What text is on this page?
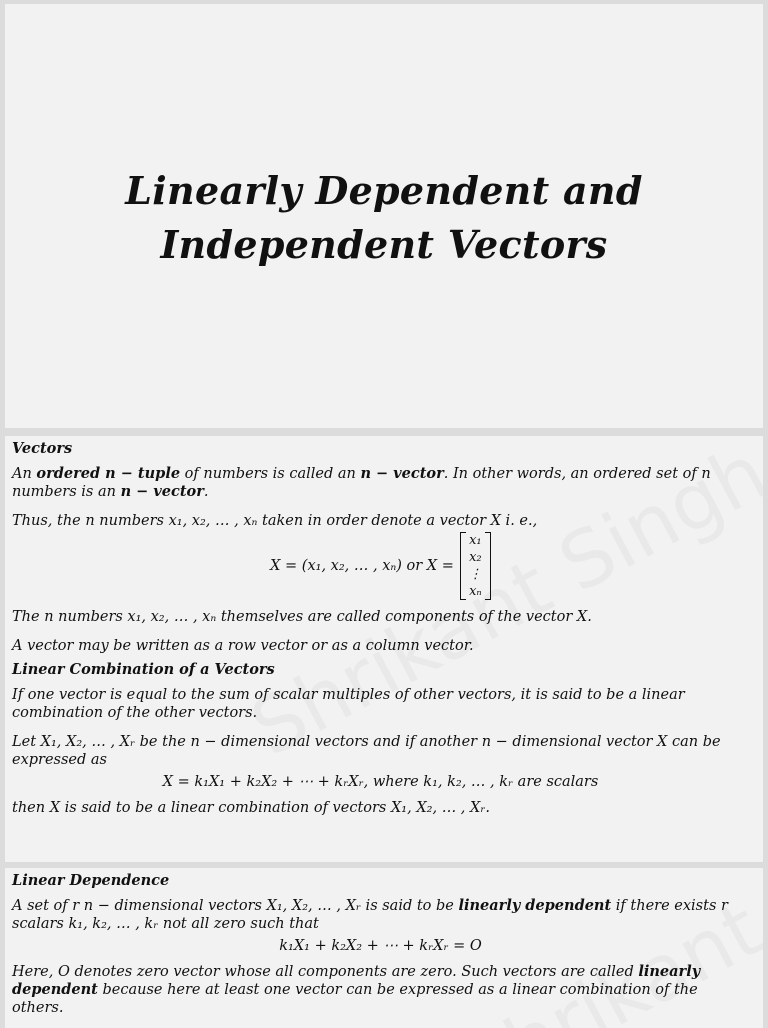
Linearly Dependent and
Independent Vectors
Vectors

An ordered n − tuple of numbers is called an n − vector. In other words, an ordered set of n numbers is an n − vector.

Thus, the n numbers x₁, x₂, … , xₙ taken in order denote a vector X i. e.,

X = (x₁, x₂, … , xₙ) or X =
x₁
x₂
⋮
xₙ

The n numbers x₁, x₂, … , xₙ themselves are called components of the vector X.

A vector may be written as a row vector or as a column vector.

Linear Combination of a Vectors

If one vector is equal to the sum of scalar multiples of other vectors, it is said to be a linear combination of the other vectors.

Let X₁, X₂, … , Xᵣ be the n − dimensional vectors and if another n − dimensional vector X can be expressed as

X = k₁X₁ + k₂X₂ + ⋯ + kᵣXᵣ, where k₁, k₂, … , kᵣ are scalars

then X is said to be a linear combination of vectors X₁, X₂, … , Xᵣ.

Linear Dependence

A set of r n − dimensional vectors X₁, X₂, … , Xᵣ is said to be linearly dependent if there exists r scalars k₁, k₂, … , kᵣ not all zero such that

k₁X₁ + k₂X₂ + ⋯ + kᵣXᵣ = O

Here, O denotes zero vector whose all components are zero. Such vectors are called linearly dependent because here at least one vector can be expressed as a linear combination of the others.
